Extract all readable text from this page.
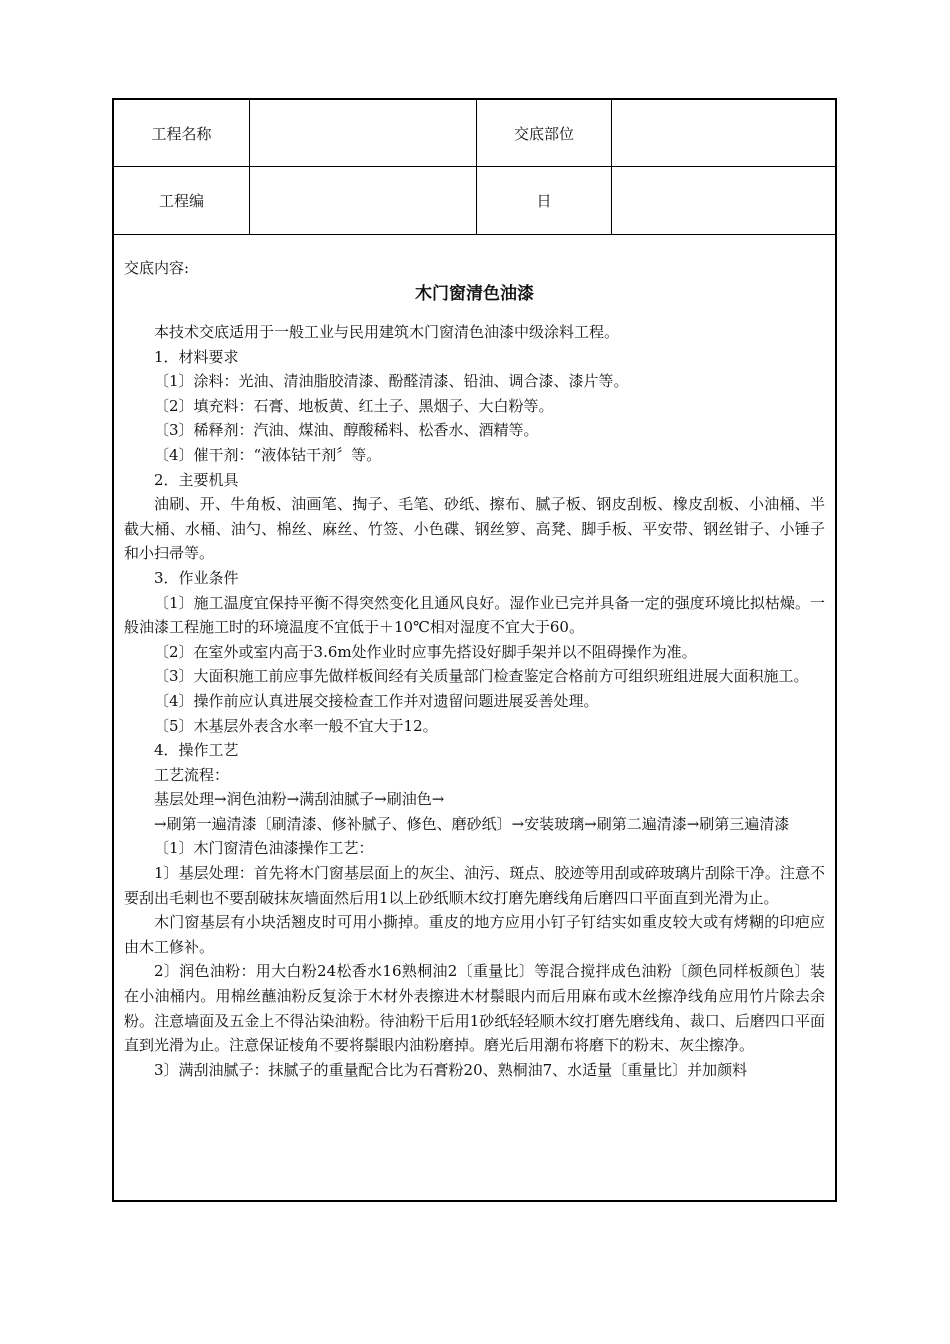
工程名称	交底部位
工程编	日
交底内容:
木门窗清色油漆

本技术交底适用于一般工业与民用建筑木门窗清色油漆中级涂料工程。

1．材料要求

〔1〕涂料：光油、清油脂胶清漆、酚醛清漆、铅油、调合漆、漆片等。

〔2〕填充料：石膏、地板黄、红土子、黑烟子、大白粉等。

〔3〕稀释剂：汽油、煤油、醇酸稀料、松香水、酒精等。

〔4〕催干剂：“液体钴干剂〞等。

2．主要机具

油刷、开、牛角板、油画笔、掏子、毛笔、砂纸、擦布、腻子板、钢皮刮板、橡皮刮板、小油桶、半截大桶、水桶、油勺、棉丝、麻丝、竹签、小色碟、钢丝箩、高凳、脚手板、平安带、钢丝钳子、小锤子和小扫帚等。

3．作业条件

〔1〕施工温度宜保持平衡不得突然变化且通风良好。湿作业已完并具备一定的强度环境比拟枯燥。一般油漆工程施工时的环境温度不宜低于＋10℃相对湿度不宜大于60。

〔2〕在室外或室内高于3.6m处作业时应事先搭设好脚手架并以不阻碍操作为准。

〔3〕大面积施工前应事先做样板间经有关质量部门检查鉴定合格前方可组织班组进展大面积施工。

〔4〕操作前应认真进展交接检查工作并对遗留问题进展妥善处理。

〔5〕木基层外表含水率一般不宜大于12。

4．操作工艺

工艺流程：

基层处理→润色油粉→满刮油腻子→刷油色→

→刷第一遍清漆〔刷清漆、修补腻子、修色、磨砂纸〕→安装玻璃→刷第二遍清漆→刷第三遍清漆

〔1〕木门窗清色油漆操作工艺：

1〕基层处理：首先将木门窗基层面上的灰尘、油污、斑点、胶迹等用刮或碎玻璃片刮除干净。注意不要刮出毛刺也不要刮破抹灰墙面然后用1以上砂纸顺木纹打磨先磨线角后磨四口平面直到光滑为止。

木门窗基层有小块活翘皮时可用小撕掉。重皮的地方应用小钉子钉结实如重皮较大或有烤糊的印疤应由木工修补。

2〕润色油粉：用大白粉24松香水16熟桐油2〔重量比〕等混合搅拌成色油粉〔颜色同样板颜色〕装在小油桶内。用棉丝蘸油粉反复涂于木材外表擦进木材鬃眼内而后用麻布或木丝擦净线角应用竹片除去余粉。注意墙面及五金上不得沾染油粉。待油粉干后用1砂纸轻轻顺木纹打磨先磨线角、裁口、后磨四口平面直到光滑为止。注意保证棱角不要将鬃眼内油粉磨掉。磨光后用潮布将磨下的粉末、灰尘擦净。

3〕满刮油腻子：抹腻子的重量配合比为石膏粉20、熟桐油7、水适量〔重量比〕并加颜料
